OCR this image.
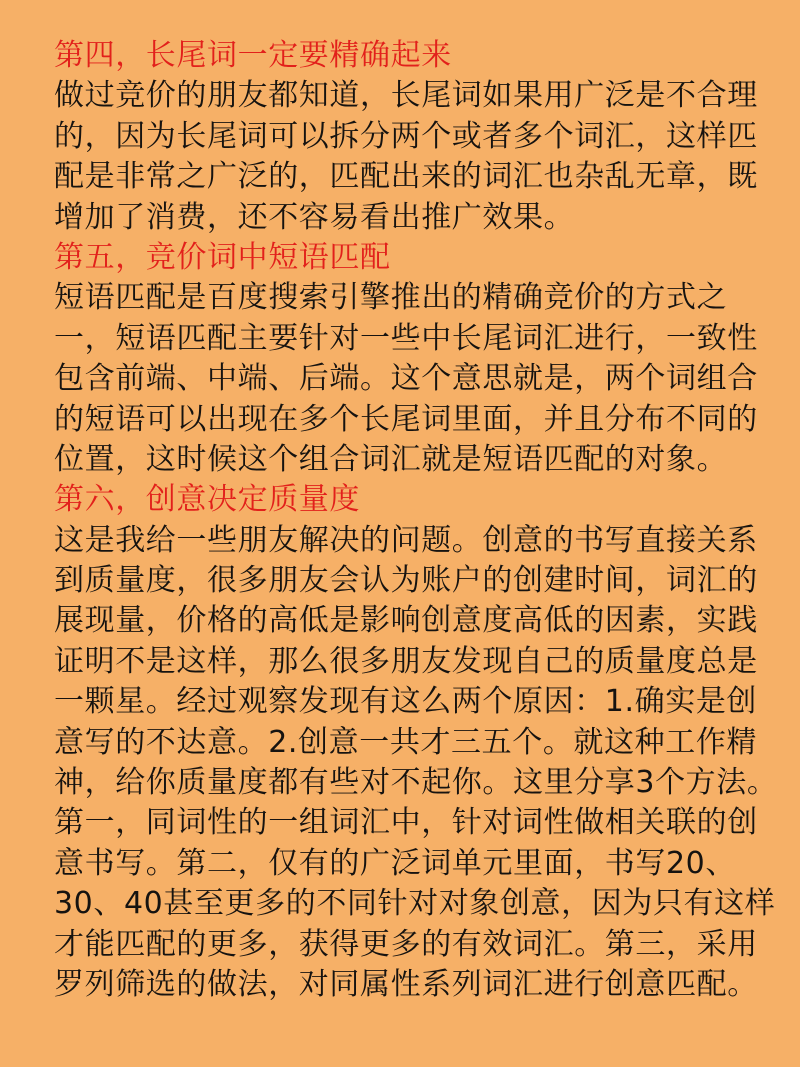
第四，长尾词一定要精确起来
做过竞价的朋友都知道，长尾词如果用广泛是不合理
的，因为长尾词可以拆分两个或者多个词汇，这样匹
配是非常之广泛的，匹配出来的词汇也杂乱无章，既
增加了消费，还不容易看出推广效果。
第五，竞价词中短语匹配
短语匹配是百度搜索引擎推出的精确竞价的方式之
一，短语匹配主要针对一些中长尾词汇进行，一致性
包含前端、中端、后端。这个意思就是，两个词组合
的短语可以出现在多个长尾词里面，并且分布不同的
位置，这时候这个组合词汇就是短语匹配的对象。
第六，创意决定质量度
这是我给一些朋友解决的问题。创意的书写直接关系
到质量度，很多朋友会认为账户的创建时间，词汇的
展现量，价格的高低是影响创意度高低的因素，实践
证明不是这样，那么很多朋友发现自己的质量度总是
一颗星。经过观察发现有这么两个原因：1.确实是创
意写的不达意。2.创意一共才三五个。就这种工作精
神，给你质量度都有些对不起你。这里分享3个方法。
第一，同词性的一组词汇中，针对词性做相关联的创
意书写。第二，仅有的广泛词单元里面，书写20、
30、40甚至更多的不同针对对象创意，因为只有这样
才能匹配的更多，获得更多的有效词汇。第三，采用
罗列筛选的做法，对同属性系列词汇进行创意匹配。
